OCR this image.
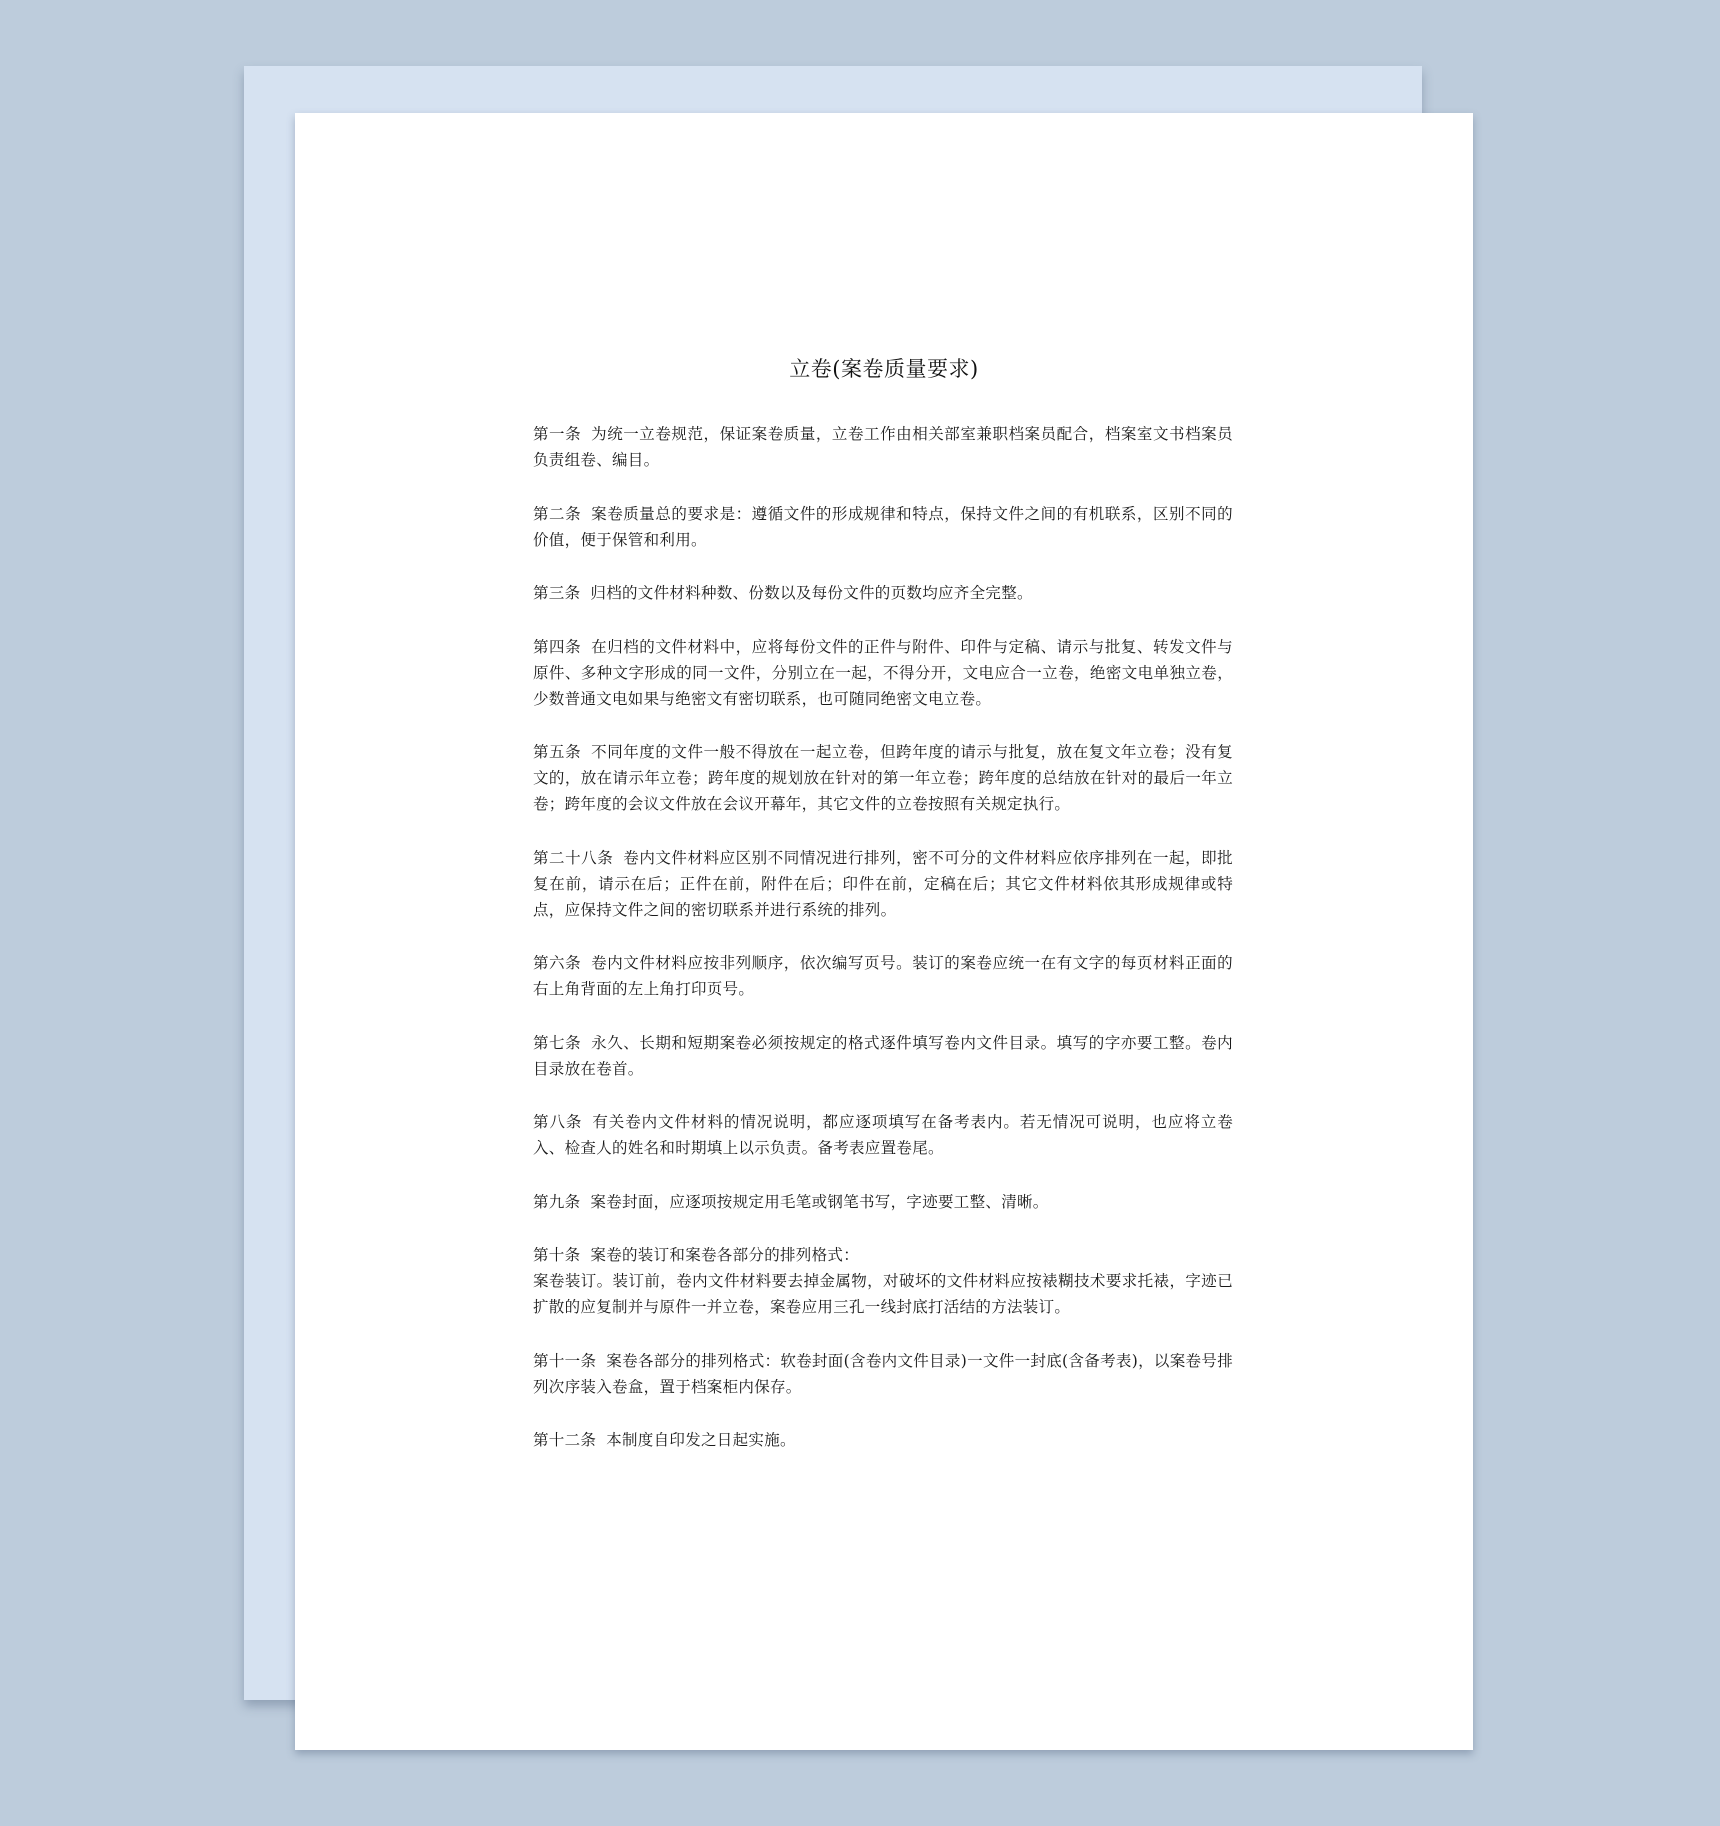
立卷(案卷质量要求)

第一条 为统一立卷规范，保证案卷质量，立卷工作由相关部室兼职档案员配合，档案室文书档案员负责组卷、编目。

第二条 案卷质量总的要求是：遵循文件的形成规律和特点，保持文件之间的有机联系，区别不同的价值，便于保管和利用。

第三条 归档的文件材料种数、份数以及每份文件的页数均应齐全完整。

第四条 在归档的文件材料中，应将每份文件的正件与附件、印件与定稿、请示与批复、转发文件与原件、多种文字形成的同一文件，分别立在一起，不得分开，文电应合一立卷，绝密文电单独立卷，少数普通文电如果与绝密文有密切联系，也可随同绝密文电立卷。

第五条 不同年度的文件一般不得放在一起立卷，但跨年度的请示与批复，放在复文年立卷；没有复文的，放在请示年立卷；跨年度的规划放在针对的第一年立卷；跨年度的总结放在针对的最后一年立卷；跨年度的会议文件放在会议开幕年，其它文件的立卷按照有关规定执行。

第二十八条 卷内文件材料应区别不同情况进行排列，密不可分的文件材料应依序排列在一起，即批复在前，请示在后；正件在前，附件在后；印件在前，定稿在后；其它文件材料依其形成规律或特点，应保持文件之间的密切联系并进行系统的排列。

第六条 卷内文件材料应按非列顺序，依次编写页号。装订的案卷应统一在有文字的每页材料正面的右上角背面的左上角打印页号。

第七条 永久、长期和短期案卷必须按规定的格式逐件填写卷内文件目录。填写的字亦要工整。卷内目录放在卷首。

第八条 有关卷内文件材料的情况说明，都应逐项填写在备考表内。若无情况可说明，也应将立卷入、检查人的姓名和时期填上以示负责。备考表应置卷尾。

第九条 案卷封面，应逐项按规定用毛笔或钢笔书写，字迹要工整、清晰。

第十条 案卷的装订和案卷各部分的排列格式：
案卷装订。装订前，卷内文件材料要去掉金属物，对破坏的文件材料应按裱糊技术要求托裱，字迹已扩散的应复制并与原件一并立卷，案卷应用三孔一线封底打活结的方法装订。

第十一条 案卷各部分的排列格式：软卷封面(含卷内文件目录)一文件一封底(含备考表)，以案卷号排列次序装入卷盒，置于档案柜内保存。

第十二条 本制度自印发之日起实施。
